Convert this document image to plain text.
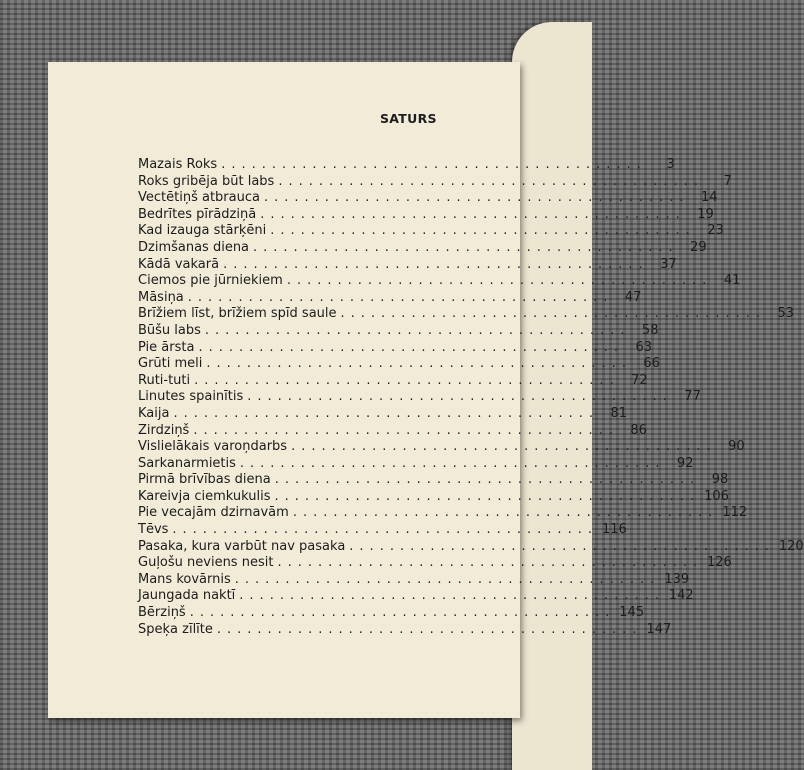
SATURS
Mazais Roks ..........................................	3
Roks gribēja būt labs ..........................................	7
Vectētiņš atbrauca .......................................... 14
Bedrītes pīrādziņā .......................................... 19
Kad izauga stārķēni .......................................... 23
Dzimšanas diena .......................................... 29
Kādā vakarā .......................................... 37
Ciemos pie jūrniekiem .......................................... 41
Māsiņa .......................................... 47
Brīžiem līst, brīžiem spīd saule .......................................... 53
Būšu labs .......................................... 58
Pie ārsta .......................................... 63
Grūti meli .......................................... 66
Ruti-tuti .......................................... 72
Linutes spainītis .......................................... 77
Kaija .......................................... 81
Zirdziņš .......................................... 86
Vislielākais varoņdarbs .......................................... 90
Sarkanarmietis .......................................... 92
Pirmā brīvības diena .......................................... 98
Kareivja ciemkukulis .......................................... 106
Pie vecajām dzirnavām .......................................... 112
Tēvs .......................................... 116
Pasaka, kura varbūt nav pasaka .......................................... 120
Guļošu neviens nesit .......................................... 126
Mans kovārnis .......................................... 139
Jaungada naktī .......................................... 142
Bērziņš .......................................... 145
Speķa zīlīte .......................................... 147
